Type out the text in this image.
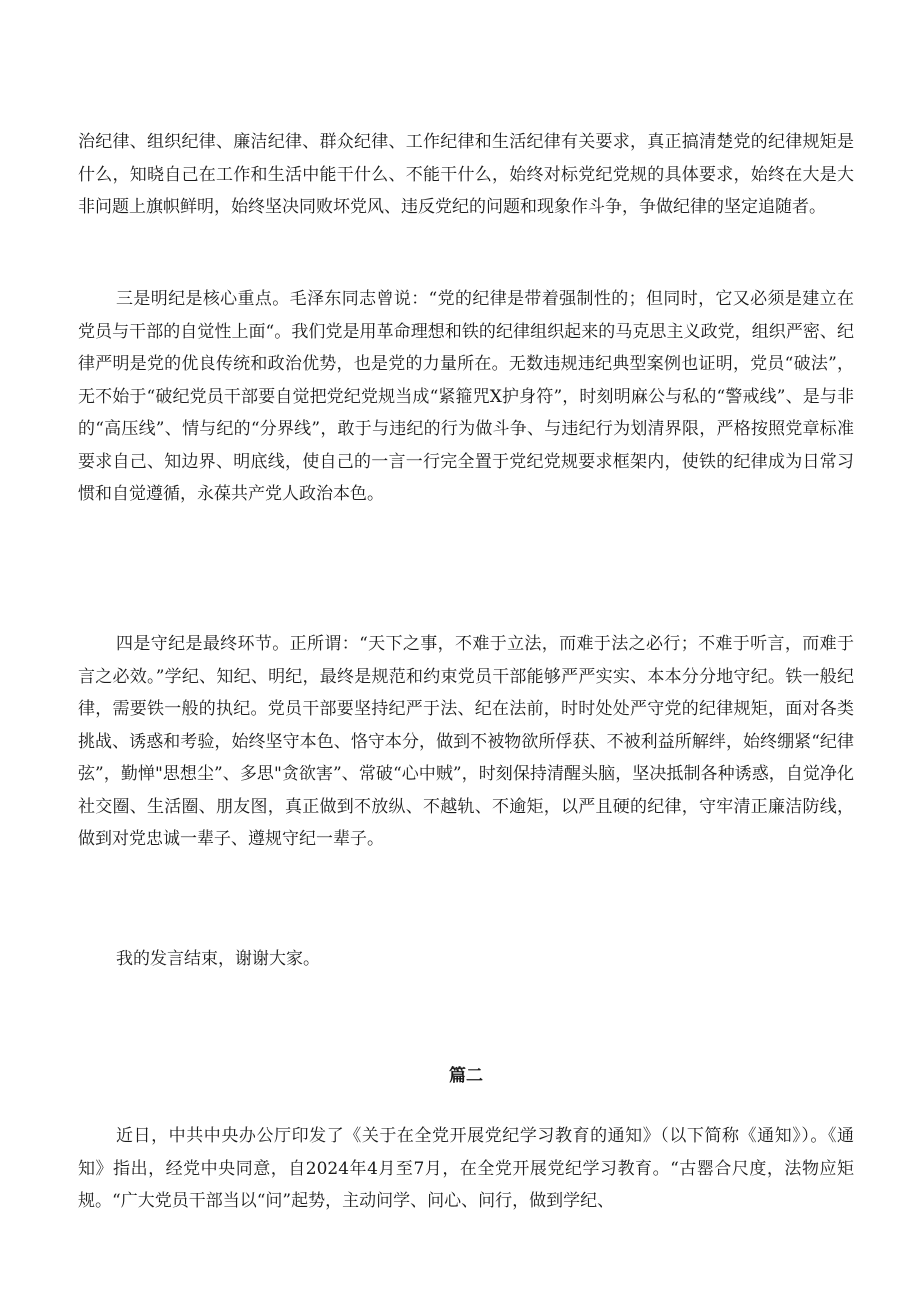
治纪律、组织纪律、廉洁纪律、群众纪律、工作纪律和生活纪律有关要求，真正搞清楚党的纪律规矩是什么，知晓自己在工作和生活中能干什么、不能干什么，始终对标党纪党规的具体要求，始终在大是大非问题上旗帜鲜明，始终坚决同败坏党风、违反党纪的问题和现象作斗争，争做纪律的坚定追随者。

三是明纪是核心重点。毛泽东同志曾说：“党的纪律是带着强制性的；但同时，它又必须是建立在党员与干部的自觉性上面“。我们党是用革命理想和铁的纪律组织起来的马克思主义政党，组织严密、纪律严明是党的优良传统和政治优势，也是党的力量所在。无数违规违纪典型案例也证明，党员“破法”，无不始于“破纪党员干部要自觉把党纪党规当成“紧箍咒X护身符”，时刻明麻公与私的“警戒线”、是与非的“高压线”、情与纪的“分界线”，敢于与违纪的行为做斗争、与违纪行为划清界限，严格按照党章标准要求自己、知边界、明底线，使自己的一言一行完全置于党纪党规要求框架内，使铁的纪律成为日常习惯和自觉遵循，永葆共产党人政治本色。

四是守纪是最终环节。正所谓：“天下之事，不难于立法，而难于法之必行；不难于听言，而难于言之必效。”学纪、知纪、明纪，最终是规范和约束党员干部能够严严实实、本本分分地守纪。铁一般纪律，需要铁一般的执纪。党员干部要坚持纪严于法、纪在法前，时时处处严守党的纪律规矩，面对各类挑战、诱惑和考验，始终坚守本色、恪守本分，做到不被物欲所俘获、不被利益所解绊，始终绷紧“纪律弦”，勤惮"思想尘”、多思"贪欲害”、常破“心中贼”，时刻保持清醒头脑，坚决抵制各种诱惑，自觉净化社交圈、生活圈、朋友图，真正做到不放纵、不越轨、不逾矩，以严且硬的纪律，守牢清正廉洁防线，做到对党忠诚一辈子、遵规守纪一辈子。

我的发言结束，谢谢大家。

篇二

近日，中共中央办公厅印发了《关于在全党开展党纪学习教育的通知》（以下简称《通知》）。《通知》指出，经党中央同意，自2024年4月至7月，在全党开展党纪学习教育。“古罂合尺度，法物应矩规。“广大党员干部当以“问”起势，主动问学、问心、问行，做到学纪、
